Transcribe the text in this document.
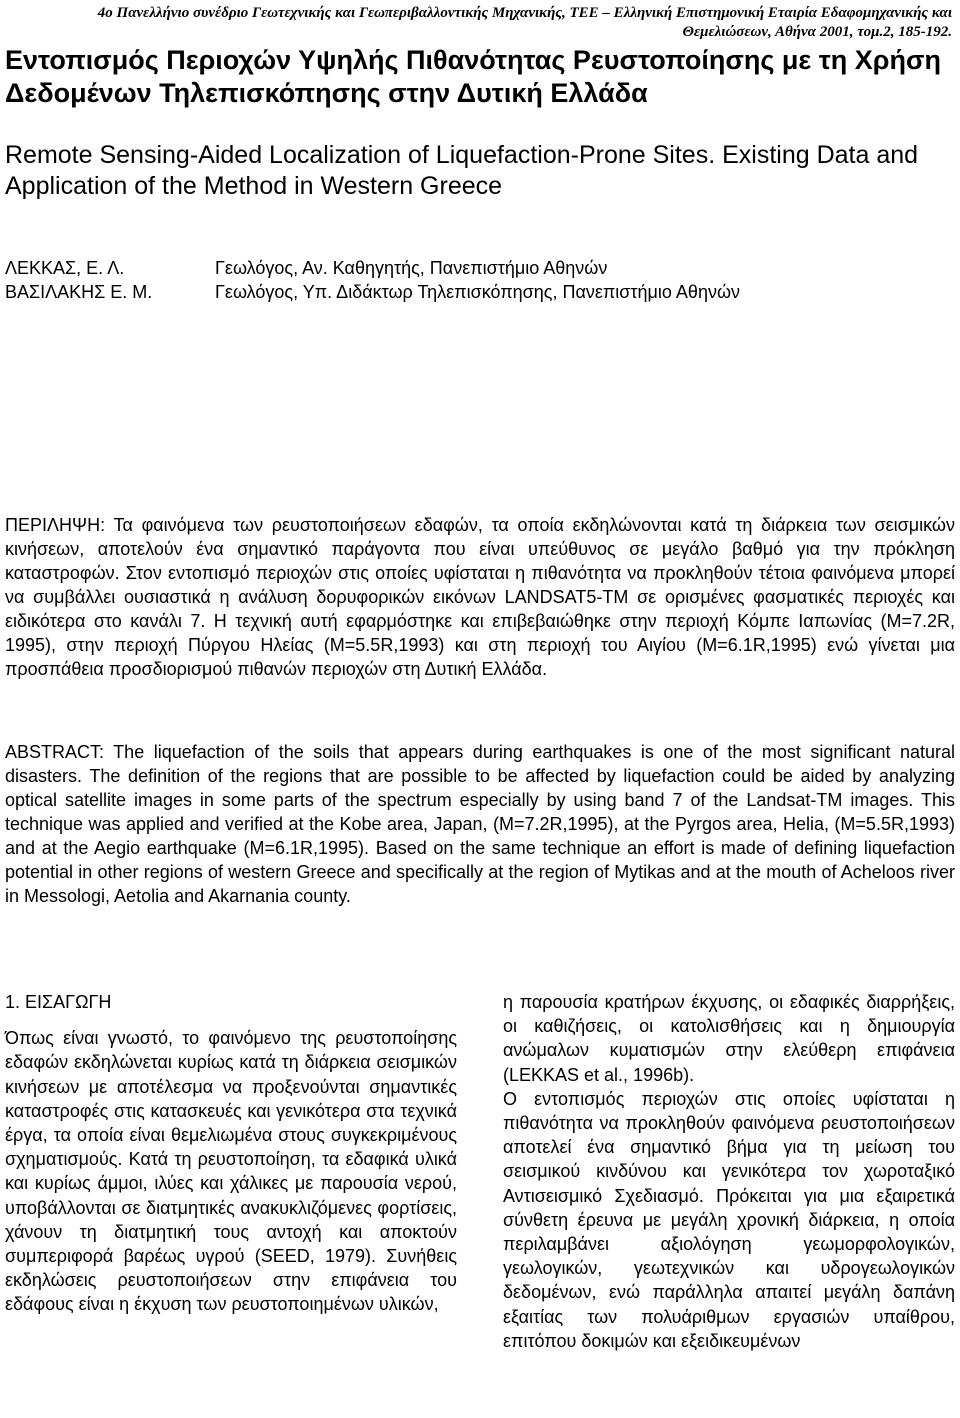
4ο Πανελλήνιο συνέδριο Γεωτεχνικής και Γεωπεριβαλλοντικής Μηχανικής, ΤΕΕ – Ελληνική Επιστημονική Εταιρία Εδαφομηχανικής και
Θεμελιώσεων, Αθήνα 2001, τομ.2, 185-192.
Εντοπισμός Περιοχών Υψηλής Πιθανότητας Ρευστοποίησης με τη Χρήση Δεδομένων Τηλεπισκόπησης στην Δυτική Ελλάδα
Remote Sensing-Aided Localization of Liquefaction-Prone Sites. Existing Data and Application of the Method in Western Greece
ΛΕΚΚΑΣ, Ε. Λ.	Γεωλόγος, Αν. Καθηγητής, Πανεπιστήμιο Αθηνών
ΒΑΣΙΛΑΚΗΣ Ε. Μ.	Γεωλόγος, Υπ. Διδάκτωρ Τηλεπισκόπησης, Πανεπιστήμιο Αθηνών

ΠΕΡΙΛΗΨΗ: Τα φαινόμενα των ρευστοποιήσεων εδαφών, τα οποία εκδηλώνονται κατά τη διάρκεια των σεισμικών κινήσεων, αποτελούν ένα σημαντικό παράγοντα που είναι υπεύθυνος σε μεγάλο βαθμό για την πρόκληση καταστροφών. Στον εντοπισμό περιοχών στις οποίες υφίσταται η πιθανότητα να προκληθούν τέτοια φαινόμενα μπορεί να συμβάλλει ουσιαστικά η ανάλυση δορυφορικών εικόνων LANDSAT5-TM σε ορισμένες φασματικές περιοχές και ειδικότερα στο κανάλι 7. Η τεχνική αυτή εφαρμόστηκε και επιβεβαιώθηκε στην περιοχή Κόμπε Ιαπωνίας (Μ=7.2R, 1995), στην περιοχή Πύργου Ηλείας (Μ=5.5R,1993) και στη περιοχή του Αιγίου (Μ=6.1R,1995) ενώ γίνεται μια προσπάθεια προσδιορισμού πιθανών περιοχών στη Δυτική Ελλάδα.

ABSTRACT: The liquefaction of the soils that appears during earthquakes is one of the most significant natural disasters. The definition of the regions that are possible to be affected by liquefaction could be aided by analyzing optical satellite images in some parts of the spectrum especially by using band 7 of the Landsat-TM images. This technique was applied and verified at the Kobe area, Japan, (M=7.2R,1995), at the Pyrgos area, Helia, (M=5.5R,1993) and at the Aegio earthquake (M=6.1R,1995). Based on the same technique an effort is made of defining liquefaction potential in other regions of western Greece and specifically at the region of Mytikas and at the mouth of Acheloos river in Messologi, Aetolia and Akarnania county.

1. ΕΙΣΑΓΩΓΗ

Όπως είναι γνωστό, το φαινόμενο της ρευστοποίησης εδαφών εκδηλώνεται κυρίως κατά τη διάρκεια σεισμικών κινήσεων με αποτέλεσμα να προξενούνται σημαντικές καταστροφές στις κατασκευές και γενικότερα στα τεχνικά έργα, τα οποία είναι θεμελιωμένα στους συγκεκριμένους σχηματισμούς. Κατά τη ρευστοποίηση, τα εδαφικά υλικά και κυρίως άμμοι, ιλύες και χάλικες με παρουσία νερού, υποβάλλονται σε διατμητικές ανακυκλιζόμενες φορτίσεις, χάνουν τη διατμητική τους αντοχή και αποκτούν συμπεριφορά βαρέως υγρού (SEED, 1979). Συνήθεις εκδηλώσεις ρευστοποιήσεων στην επιφάνεια του εδάφους είναι η έκχυση των ρευστοποιημένων υλικών,

η παρουσία κρατήρων έκχυσης, οι εδαφικές διαρρήξεις, οι καθιζήσεις, οι κατολισθήσεις και η δημιουργία ανώμαλων κυματισμών στην ελεύθερη επιφάνεια (LEKKAS et al., 1996b).

Ο εντοπισμός περιοχών στις οποίες υφίσταται η πιθανότητα να προκληθούν φαινόμενα ρευστοποιήσεων αποτελεί ένα σημαντικό βήμα για τη μείωση του σεισμικού κινδύνου και γενικότερα τον χωροταξικό Αντισεισμικό Σχεδιασμό. Πρόκειται για μια εξαιρετικά σύνθετη έρευνα με μεγάλη χρονική διάρκεια, η οποία περιλαμβάνει αξιολόγηση γεωμορφολογικών, γεωλογικών, γεωτεχνικών και υδρογεωλογικών δεδομένων, ενώ παράλληλα απαιτεί μεγάλη δαπάνη εξαιτίας των πολυάριθμων εργασιών υπαίθρου, επιτόπου δοκιμών και εξειδικευμένων
